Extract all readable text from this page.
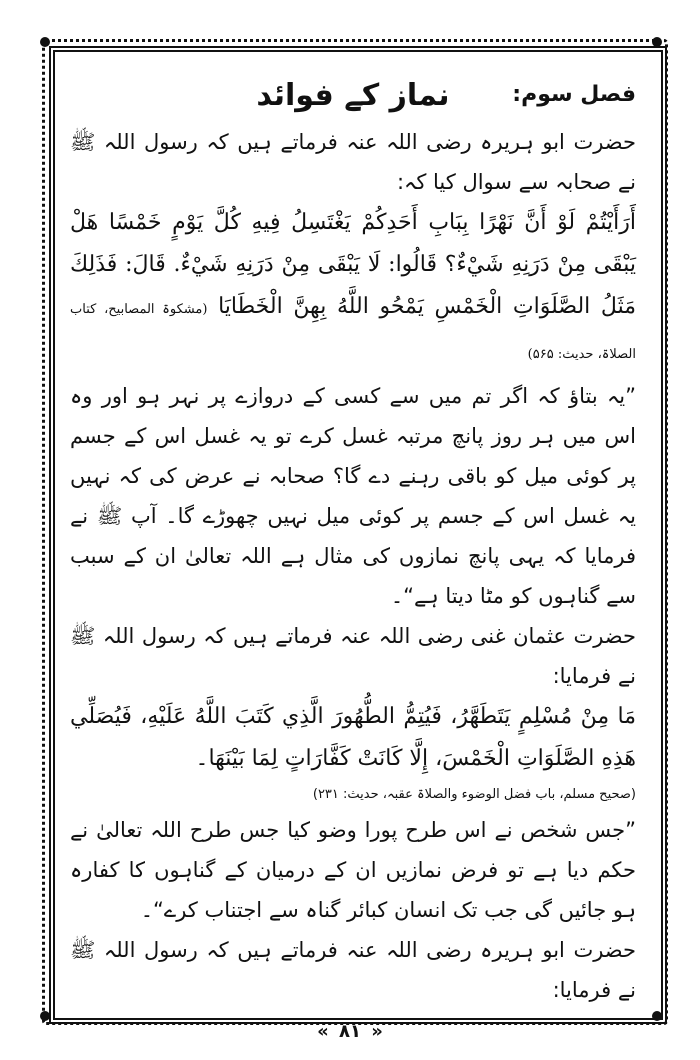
فصل سوم:
نماز کے فوائد

حضرت ابو ہریرہ رضی اللہ عنہ فرماتے ہیں کہ رسول اللہ ﷺ نے صحابہ سے سوال کیا کہ:

أَرَأَيْتُمْ لَوْ أَنَّ نَهْرًا بِبَابِ أَحَدِكُمْ يَغْتَسِلُ فِيهِ كُلَّ يَوْمٍ خَمْسًا هَلْ يَبْقَى مِنْ دَرَنِهِ شَيْءٌ؟ قَالُوا: لَا يَبْقَى مِنْ دَرَنِهِ شَيْءٌ. قَالَ: فَذَلِكَ مَثَلُ الصَّلَوَاتِ الْخَمْسِ يَمْحُو اللَّهُ بِهِنَّ الْخَطَايَا (مشکوۃ المصابیح، کتاب الصلاۃ، حدیث: ۵۶۵)

”یہ بتاؤ کہ اگر تم میں سے کسی کے دروازے پر نہر ہو اور وہ اس میں ہر روز پانچ مرتبہ غسل کرے تو یہ غسل اس کے جسم پر کوئی میل کو باقی رہنے دے گا؟ صحابہ نے عرض کی کہ نہیں یہ غسل اس کے جسم پر کوئی میل نہیں چھوڑے گا۔ آپ ﷺ نے فرمایا کہ یہی پانچ نمازوں کی مثال ہے اللہ تعالیٰ ان کے سبب سے گناہوں کو مٹا دیتا ہے“۔

حضرت عثمان غنی رضی اللہ عنہ فرماتے ہیں کہ رسول اللہ ﷺ نے فرمایا:

مَا مِنْ مُسْلِمٍ يَتَطَهَّرُ، فَيُتِمُّ الطُّهُورَ الَّذِي كَتَبَ اللَّهُ عَلَيْهِ، فَيُصَلِّي هَذِهِ الصَّلَوَاتِ الْخَمْسَ، إِلَّا كَانَتْ كَفَّارَاتٍ لِمَا بَيْنَهَا۔

(صحیح مسلم، باب فضل الوضوء والصلاۃ عقبہ، حدیث: ۲۳۱)

”جس شخص نے اس طرح پورا وضو کیا جس طرح اللہ تعالیٰ نے حکم دیا ہے تو فرض نمازیں ان کے درمیان کے گناہوں کا کفارہ ہو جائیں گی جب تک انسان کبائر گناہ سے اجتناب کرے“۔

حضرت ابو ہریرہ رضی اللہ عنہ فرماتے ہیں کہ رسول اللہ ﷺ نے فرمایا:

« ۸۱ »
